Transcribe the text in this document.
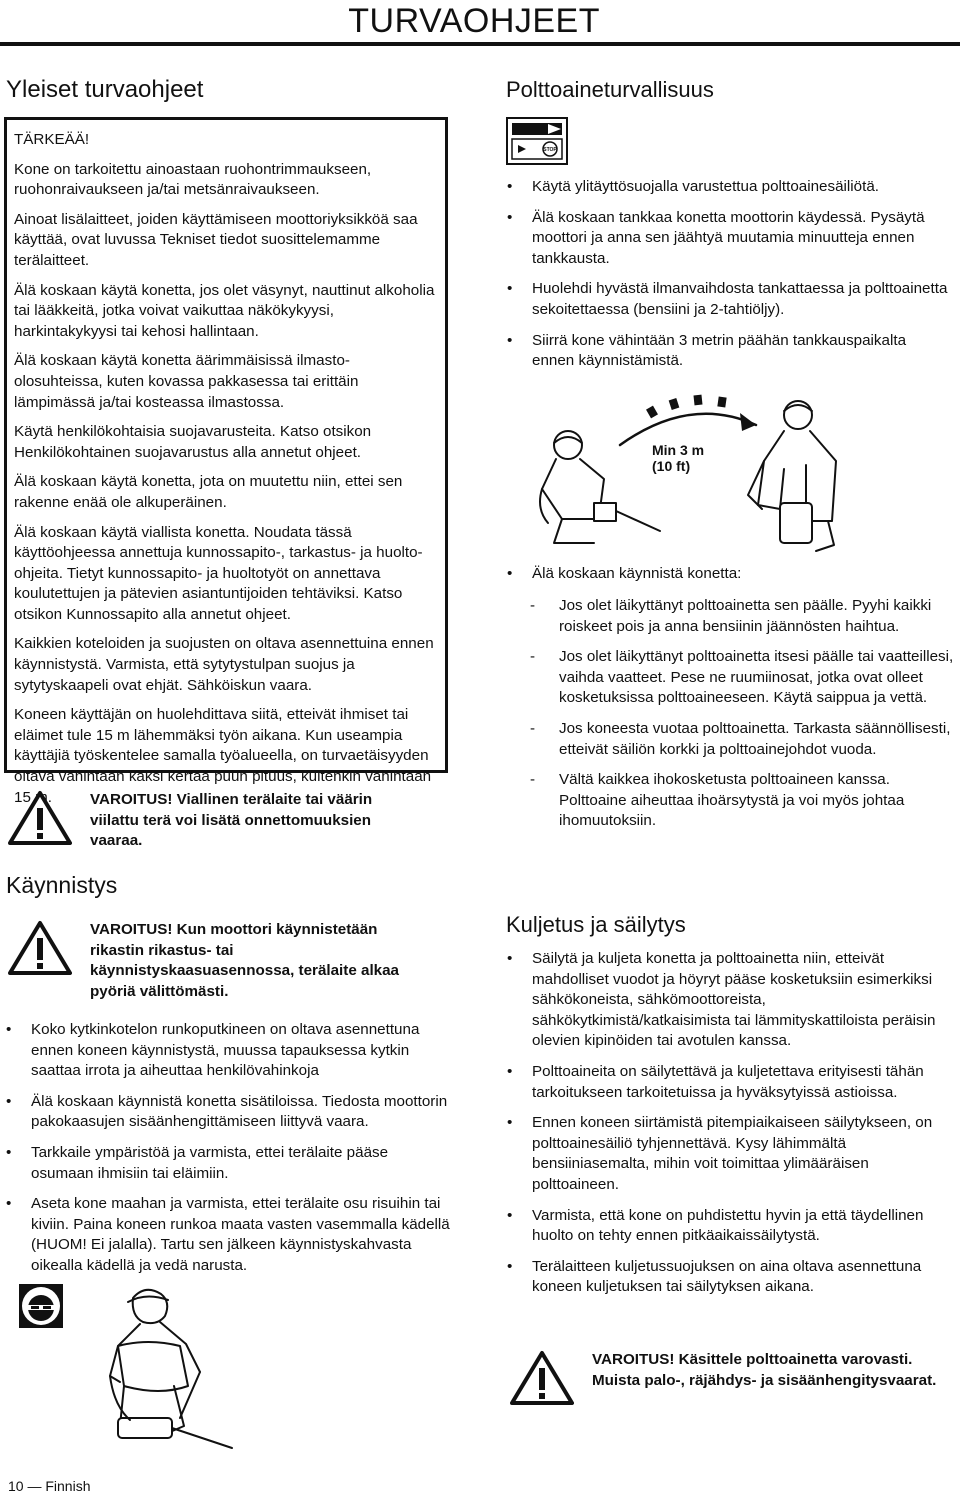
TURVAOHJEET
Yleiset turvaohjeet

TÄRKEÄÄ!

Kone on tarkoitettu ainoastaan ruohontrimmaukseen, ruohonraivaukseen ja/tai metsänraivaukseen.

Ainoat lisälaitteet, joiden käyttämiseen moottoriyksikköä saa käyttää, ovat luvussa Tekniset tiedot suosittelemamme terälaitteet.

Älä koskaan käytä konetta, jos olet väsynyt, nauttinut alkoholia tai lääkkeitä, jotka voivat vaikuttaa näkökykyysi, harkintakykyysi tai kehosi hallintaan.

Älä koskaan käytä konetta äärimmäisissä ilmasto-olosuhteissa, kuten kovassa pakkasessa tai erittäin lämpimässä ja/tai kosteassa ilmastossa.

Käytä henkilökohtaisia suojavarusteita. Katso otsikon Henkilökohtainen suojavarustus alla annetut ohjeet.

Älä koskaan käytä konetta, jota on muutettu niin, ettei sen rakenne enää ole alkuperäinen.

Älä koskaan käytä viallista konetta. Noudata tässä käyttöohjeessa annettuja kunnossapito-, tarkastus- ja huolto-ohjeita. Tietyt kunnossapito- ja huoltotyöt on annettava koulutettujen ja pätevien asiantuntijoiden tehtäviksi. Katso otsikon Kunnossapito alla annetut ohjeet.

Kaikkien koteloiden ja suojusten on oltava asennettuina ennen käynnistystä. Varmista, että sytytystulpan suojus ja sytytyskaapeli ovat ehjät. Sähköiskun vaara.

Koneen käyttäjän on huolehdittava siitä, etteivät ihmiset tai eläimet tule 15 m lähemmäksi työn aikana. Kun useampia käyttäjiä työskentelee samalla työalueella, on turvaetäisyyden oltava vähintään kaksi kertaa puun pituus, kuitenkin vähintään 15 m.	VAROITUS! Viallinen terälaite tai väärin viilattu terä voi lisätä onnettomuuksien vaaraa.
Käynnistys
VAROITUS! Kun moottori käynnistetään rikastin rikastus- tai käynnistyskaasuasennossa, terälaite alkaa pyöriä välittömästi.
• Koko kytkinkotelon runkoputkineen on oltava asennettuna ennen koneen käynnistystä, muussa tapauksessa kytkin saattaa irrota ja aiheuttaa henkilövahinkoja
• Älä koskaan käynnistä konetta sisätiloissa. Tiedosta moottorin pakokaasujen sisäänhengittämiseen liittyvä vaara.
• Tarkkaile ympäristöä ja varmista, ettei terälaite pääse osumaan ihmisiin tai eläimiin.
• Aseta kone maahan ja varmista, ettei terälaite osu risuihin tai kiviin. Paina koneen runkoa maata vasten vasemmalla kädellä (HUOM! Ei jalalla). Tartu sen jälkeen käynnistyskahvasta oikealla kädellä ja vedä narusta.
Polttoaineturvallisuus
STOP
• Käytä ylitäyttösuojalla varustettua polttoainesäiliötä.
• Älä koskaan tankkaa konetta moottorin käydessä. Pysäytä moottori ja anna sen jäähtyä muutamia minuutteja ennen tankkausta.
• Huolehdi hyvästä ilmanvaihdosta tankattaessa ja polttoainetta sekoitettaessa (bensiini ja 2-tahtiöljy).
• Siirrä kone vähintään 3 metrin päähän tankkauspaikalta ennen käynnistämistä.
Min 3 m
(10 ft)
• Älä koskaan käynnistä konetta:
- Jos olet läikyttänyt polttoainetta sen päälle. Pyyhi kaikki roiskeet pois ja anna bensiinin jäännösten haihtua.
- Jos olet läikyttänyt polttoainetta itsesi päälle tai vaatteillesi, vaihda vaatteet. Pese ne ruumiinosat, jotka ovat olleet kosketuksissa polttoaineeseen. Käytä saippua ja vettä.
- Jos koneesta vuotaa polttoainetta. Tarkasta säännöllisesti, etteivät säiliön korkki ja polttoainejohdot vuoda.
- Vältä kaikkea ihokosketusta polttoaineen kanssa. Polttoaine aiheuttaa ihoärsytystä ja voi myös johtaa ihomuutoksiin.
Kuljetus ja säilytys
• Säilytä ja kuljeta konetta ja polttoainetta niin, etteivät mahdolliset vuodot ja höyryt pääse kosketuksiin esimerkiksi sähkökoneista, sähkömoottoreista, sähkökytkimistä/katkaisimista tai lämmityskattiloista peräisin olevien kipinöiden tai avotulen kanssa.
• Polttoaineita on säilytettävä ja kuljetettava erityisesti tähän tarkoitukseen tarkoitetuissa ja hyväksytyissä astioissa.
• Ennen koneen siirtämistä pitempiaikaiseen säilytykseen, on polttoainesäiliö tyhjennettävä. Kysy lähimmältä bensiiniasemalta, mihin voit toimittaa ylimääräisen polttoaineen.
• Varmista, että kone on puhdistettu hyvin ja että täydellinen huolto on tehty ennen pitkäaikaissäilytystä.
• Terälaitteen kuljetussuojuksen on aina oltava asennettuna koneen kuljetuksen tai säilytyksen aikana.
VAROITUS! Käsittele polttoainetta varovasti. Muista palo-, räjähdys- ja sisäänhengitysvaarat.
10 — Finnish
